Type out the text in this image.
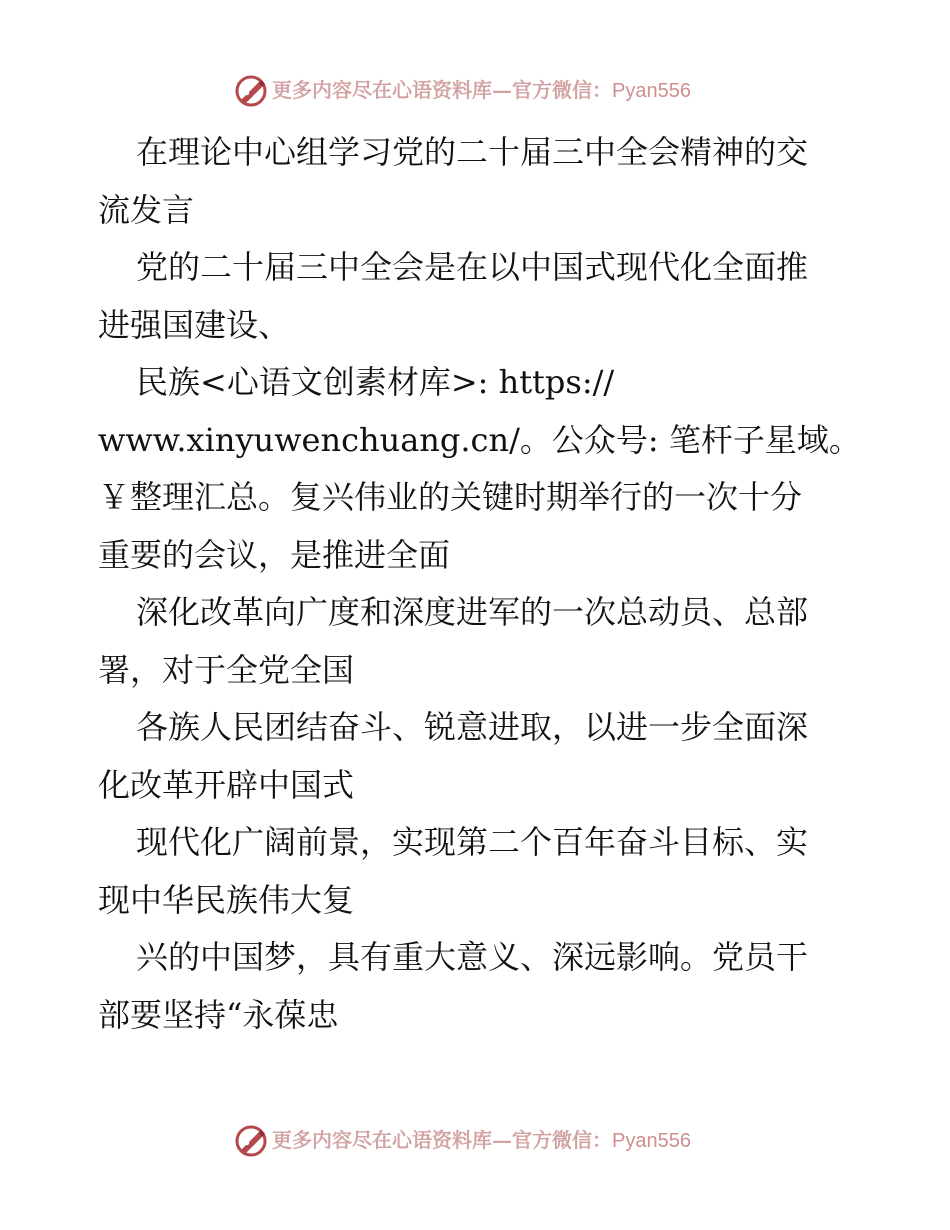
更多内容尽在心语资料库—官方微信：Pyan556
在理论中心组学习党的二十届三中全会精神的交
流发言
党的二十届三中全会是在以中国式现代化全面推
进强国建设、
民族<心语文创素材库>: https://
www.xinyuwenchuang.cn/。公众号: 笔杆子星域。
￥整理汇总。复兴伟业的关键时期举行的一次十分
重要的会议，是推进全面
深化改革向广度和深度进军的一次总动员、总部
署，对于全党全国
各族人民团结奋斗、锐意进取，以进一步全面深
化改革开辟中国式
现代化广阔前景，实现第二个百年奋斗目标、实
现中华民族伟大复
兴的中国梦，具有重大意义、深远影响。党员干
部要坚持“永葆忠
更多内容尽在心语资料库—官方微信：Pyan556
